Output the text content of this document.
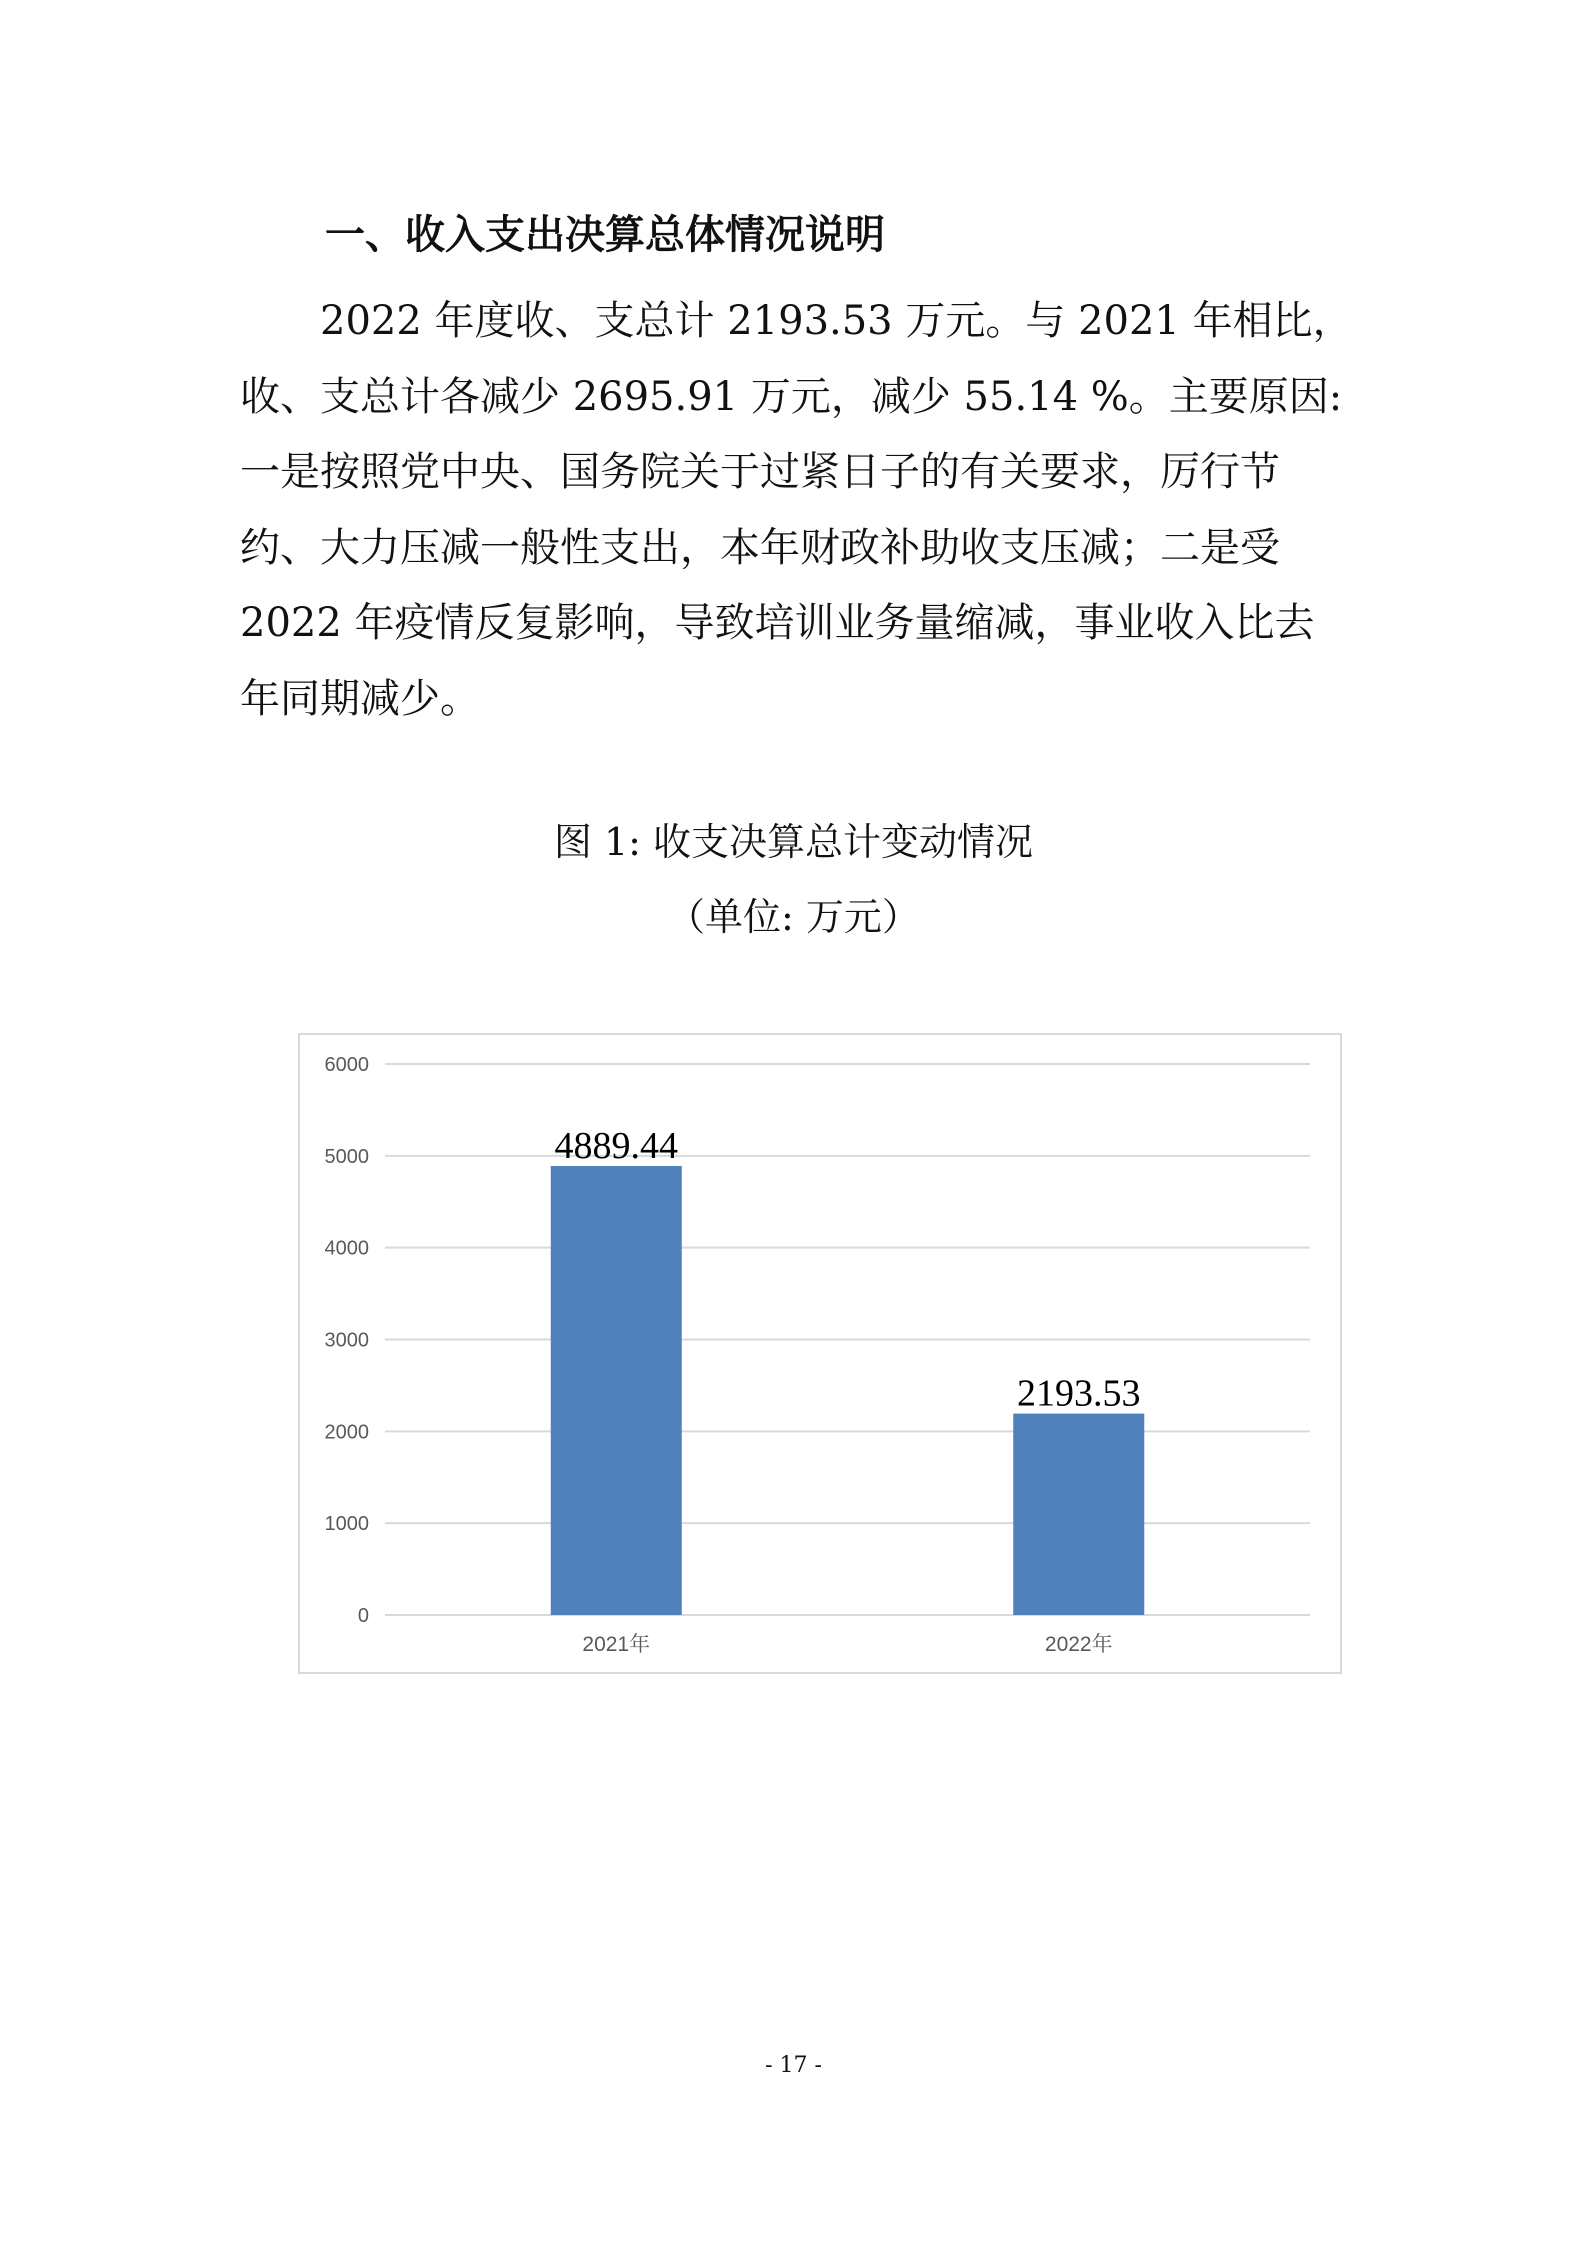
一、收入支出决算总体情况说明
　　2022 年度收、支总计 2193.53 万元。与 2021 年相比，
收、支总计各减少 2695.91 万元，减少 55.14 %。主要原因:
一是按照党中央、国务院关于过紧日子的有关要求，厉行节
约、大力压减一般性支出，本年财政补助收支压减；二是受
2022 年疫情反复影响，导致培训业务量缩减，事业收入比去
年同期减少。

图 1: 收支决算总计变动情况

（单位: 万元）

0
1000
2000
3000
4000
5000
6000
4889.44
2193.53
2021年	2022年

- 17 -
